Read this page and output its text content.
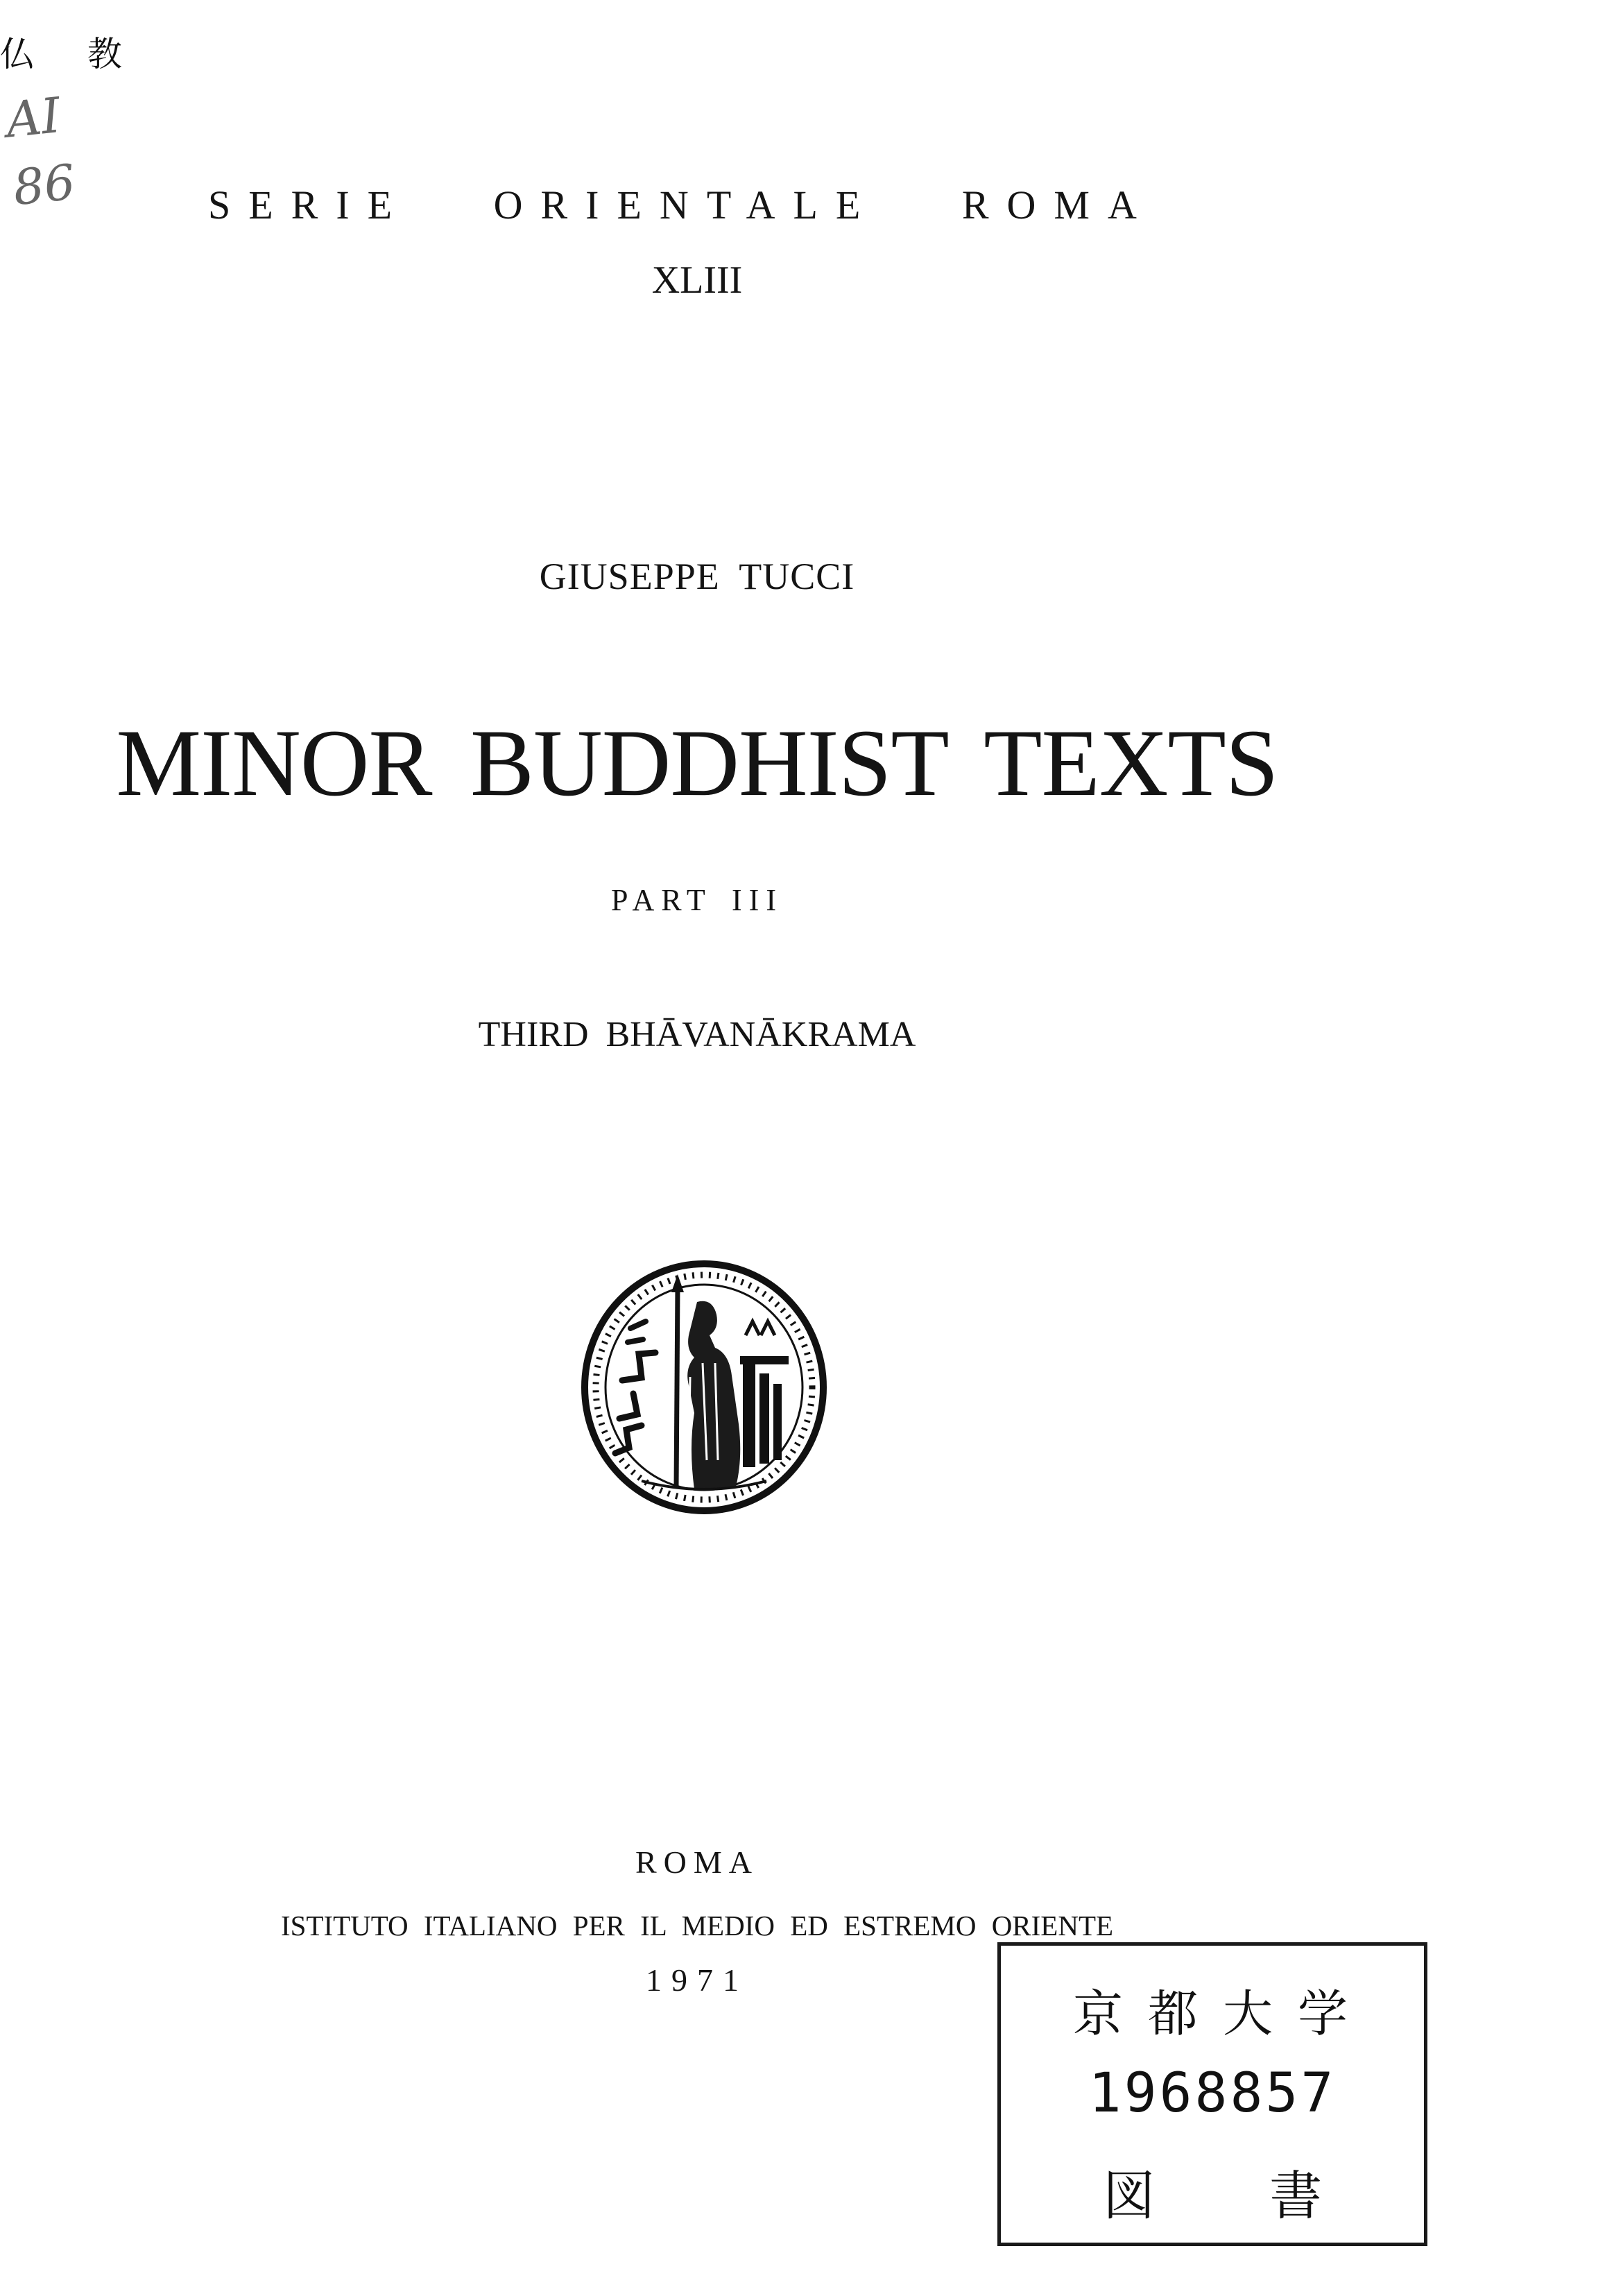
仏 教
AI
86	SERIE ORIENTALE ROMA
XLIII
GIUSEPPE TUCCI
MINOR BUDDHIST TEXTS
PART III
THIRD BHĀVANĀKRAMA
ROMA
ISTITUTO ITALIANO PER IL MEDIO ED ESTREMO ORIENTE
1971
京都大学
1968857
図 書
